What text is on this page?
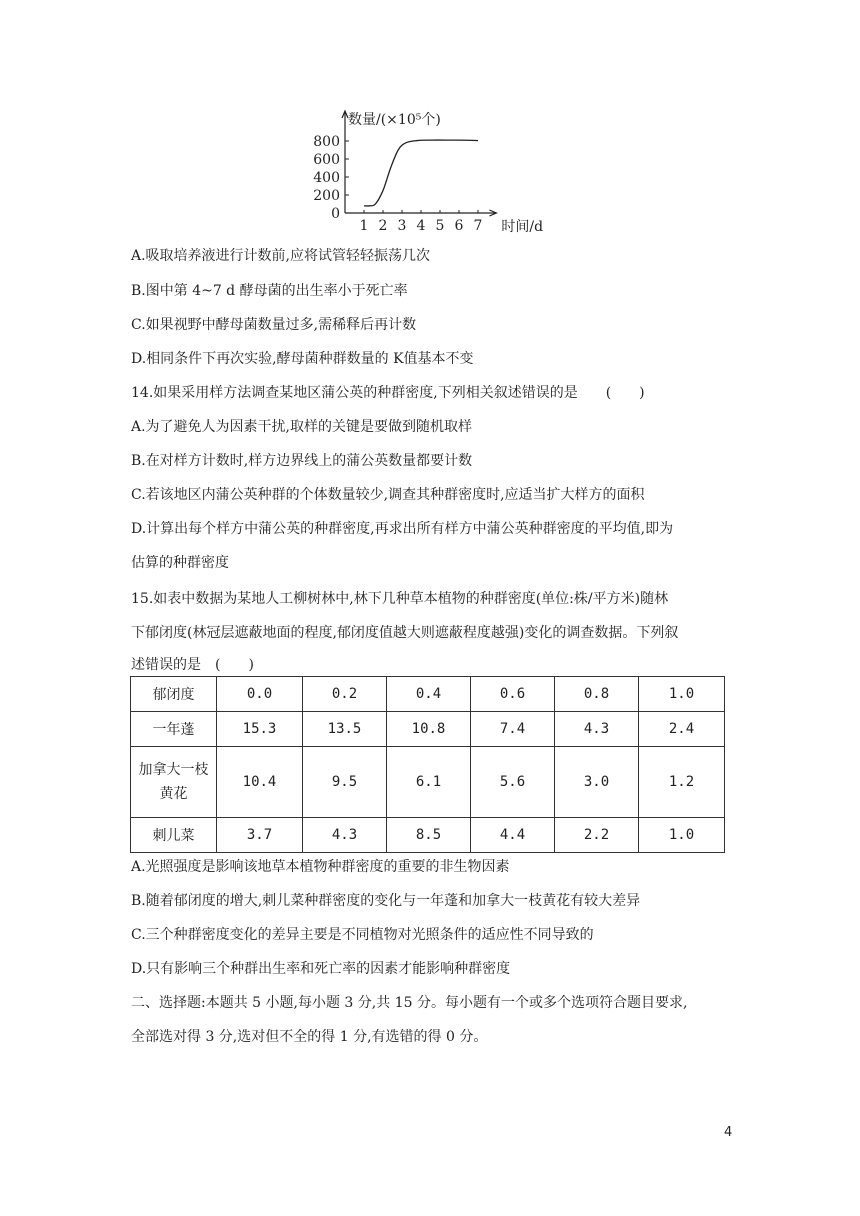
800
600
400
200
0
1 2 3 4 5 6 7
数量/(×10⁵个)
时间/d
A.吸取培养液进行计数前,应将试管轻轻振荡几次
B.图中第 4~7 d 酵母菌的出生率小于死亡率
C.如果视野中酵母菌数量过多,需稀释后再计数
D.相同条件下再次实验,酵母菌种群数量的 K值基本不变
14.如果采用样方法调查某地区蒲公英的种群密度,下列相关叙述错误的是　　(　　)
A.为了避免人为因素干扰,取样的关键是要做到随机取样
B.在对样方计数时,样方边界线上的蒲公英数量都要计数
C.若该地区内蒲公英种群的个体数量较少,调查其种群密度时,应适当扩大样方的面积
D.计算出每个样方中蒲公英的种群密度,再求出所有样方中蒲公英种群密度的平均值,即为
估算的种群密度
15.如表中数据为某地人工柳树林中,林下几种草本植物的种群密度(单位:株/平方米)随林
下郁闭度(林冠层遮蔽地面的程度,郁闭度值越大则遮蔽程度越强)变化的调查数据。下列叙
述错误的是　(　　)
郁闭度	0.0	0.2	0.4	0.6	0.8	1.0
一年蓬	15.3	13.5	10.8	7.4	4.3	2.4

加拿大一枝
黄花	10.4	9.5	6.1	5.6	3.0	1.2
刺儿菜	3.7	4.3	8.5	4.4	2.2	1.0
A.光照强度是影响该地草本植物种群密度的重要的非生物因素
B.随着郁闭度的增大,刺儿菜种群密度的变化与一年蓬和加拿大一枝黄花有较大差异
C.三个种群密度变化的差异主要是不同植物对光照条件的适应性不同导致的
D.只有影响三个种群出生率和死亡率的因素才能影响种群密度
二、选择题:本题共 5 小题,每小题 3 分,共 15 分。每小题有一个或多个选项符合题目要求,
全部选对得 3 分,选对但不全的得 1 分,有选错的得 0 分。
4
